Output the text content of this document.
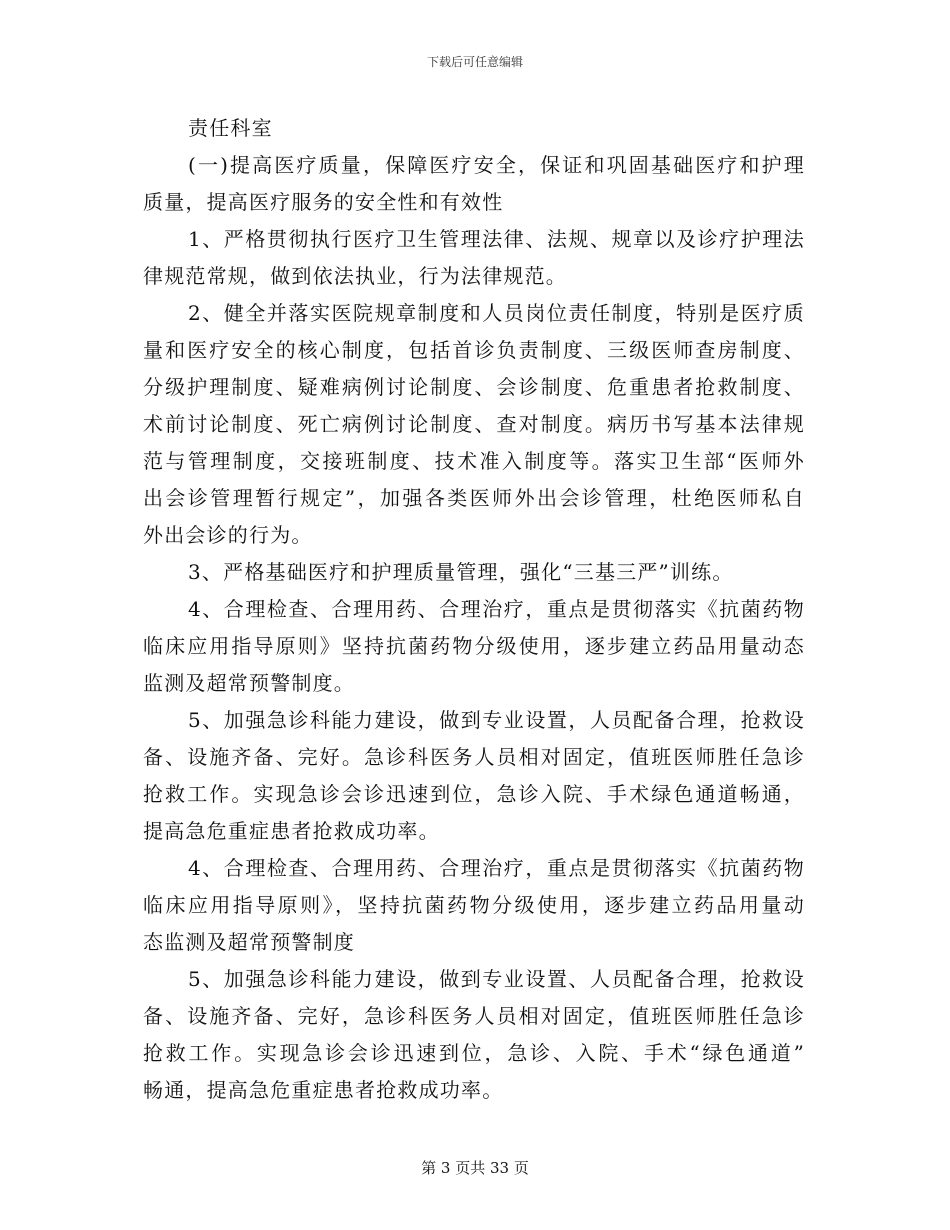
下载后可任意编辑
责任科室
(一)提高医疗质量，保障医疗安全，保证和巩固基础医疗和护理
质量，提高医疗服务的安全性和有效性
1、严格贯彻执行医疗卫生管理法律、法规、规章以及诊疗护理法
律规范常规，做到依法执业，行为法律规范。
2、健全并落实医院规章制度和人员岗位责任制度，特别是医疗质
量和医疗安全的核心制度，包括首诊负责制度、三级医师查房制度、
分级护理制度、疑难病例讨论制度、会诊制度、危重患者抢救制度、
术前讨论制度、死亡病例讨论制度、查对制度。病历书写基本法律规
范与管理制度，交接班制度、技术准入制度等。落实卫生部“医师外
出会诊管理暂行规定”，加强各类医师外出会诊管理，杜绝医师私自
外出会诊的行为。
3、严格基础医疗和护理质量管理，强化“三基三严”训练。
4、合理检查、合理用药、合理治疗，重点是贯彻落实《抗菌药物
临床应用指导原则》坚持抗菌药物分级使用，逐步建立药品用量动态
监测及超常预警制度。
5、加强急诊科能力建设，做到专业设置，人员配备合理，抢救设
备、设施齐备、完好。急诊科医务人员相对固定，值班医师胜任急诊
抢救工作。实现急诊会诊迅速到位，急诊入院、手术绿色通道畅通，
提高急危重症患者抢救成功率。
4、合理检查、合理用药、合理治疗，重点是贯彻落实《抗菌药物
临床应用指导原则》，坚持抗菌药物分级使用，逐步建立药品用量动
态监测及超常预警制度
5、加强急诊科能力建设，做到专业设置、人员配备合理，抢救设
备、设施齐备、完好，急诊科医务人员相对固定，值班医师胜任急诊
抢救工作。实现急诊会诊迅速到位，急诊、入院、手术“绿色通道”
畅通，提高急危重症患者抢救成功率。
第 3 页共 33 页
